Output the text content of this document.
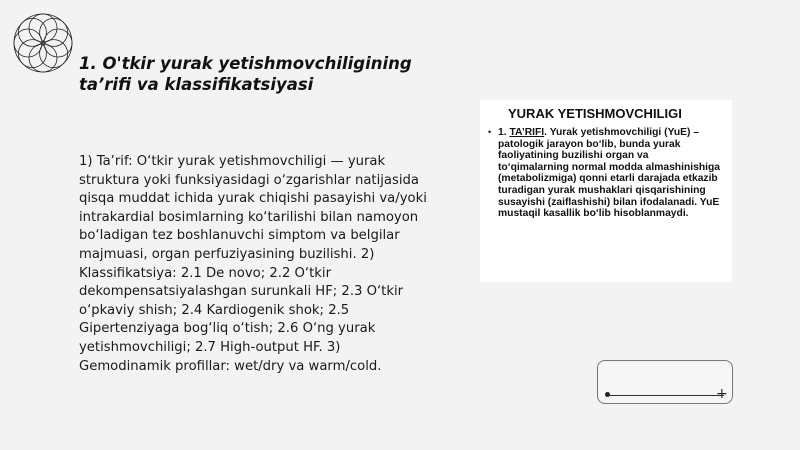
1. O'tkir yurak yetishmovchiligining ta’rifi va klassifikatsiyasi

1) Ta’rif: O‘tkir yurak yetishmovchiligi — yurak struktura yoki funksiyasidagi o‘zgarishlar natijasida qisqa muddat ichida yurak chiqishi pasayishi va/yoki intrakardial bosimlarning ko‘tarilishi bilan namoyon bo‘ladigan tez boshlanuvchi simptom va belgilar majmuasi, organ perfuziyasining buzilishi. 2) Klassifikatsiya: 2.1 De novo; 2.2 O‘tkir dekompensatsiyalashgan surunkali HF; 2.3 O‘tkir o‘pkaviy shish; 2.4 Kardiogenik shok; 2.5 Gipertenziyaga bog‘liq o‘tish; 2.6 O‘ng yurak yetishmovchiligi; 2.7 High-output HF. 3) Gemodinamik profillar: wet/dry va warm/cold.

YURAK YETISHMOVCHILIGI
• 1. TA’RIFI. Yurak yetishmovchiligi (YuE) – patologik jarayon bo‘lib, bunda yurak faoliyatining buzilishi organ va to‘qimalarning normal modda almashinishiga (metabolizmiga) qonni etarli darajada etkazib turadigan yurak mushaklari qisqarishining susayishi (zaiflashishi) bilan ifodalanadi. YuE mustaqil kasallik bo‘lib hisoblanmaydi.
+
